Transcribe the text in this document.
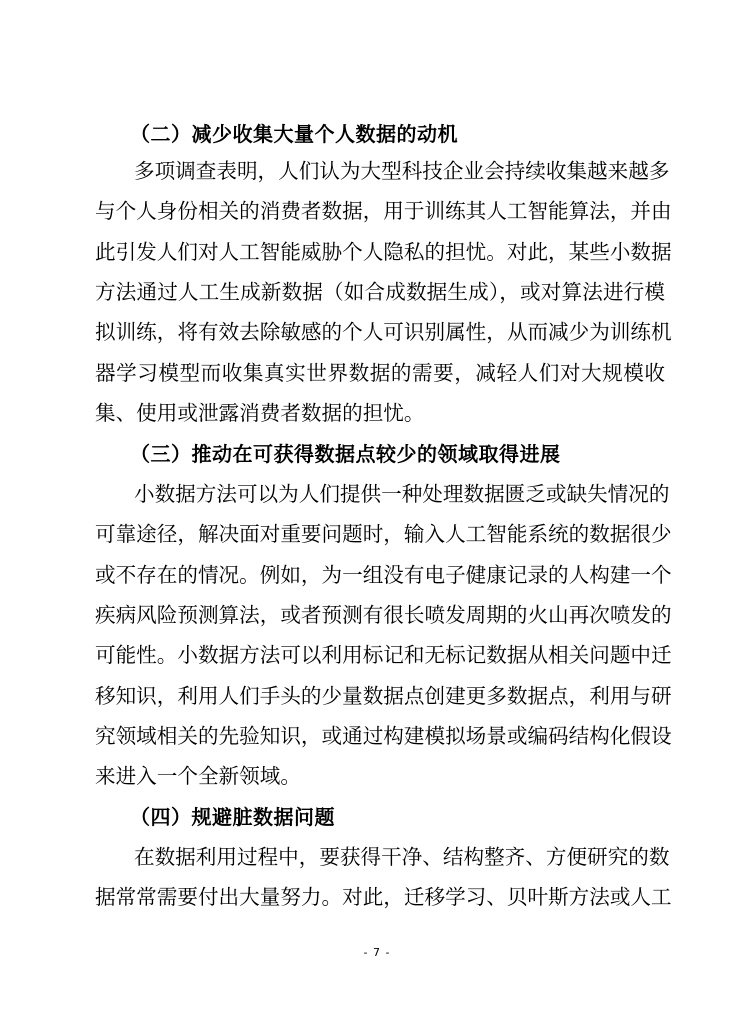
（二）减少收集大量个人数据的动机
多项调查表明，人们认为大型科技企业会持续收集越来越多
与个人身份相关的消费者数据，用于训练其人工智能算法，并由
此引发人们对人工智能威胁个人隐私的担忧。对此，某些小数据
方法通过人工生成新数据（如合成数据生成），或对算法进行模
拟训练，将有效去除敏感的个人可识别属性，从而减少为训练机
器学习模型而收集真实世界数据的需要，减轻人们对大规模收
集、使用或泄露消费者数据的担忧。
（三）推动在可获得数据点较少的领域取得进展
小数据方法可以为人们提供一种处理数据匮乏或缺失情况的
可靠途径，解决面对重要问题时，输入人工智能系统的数据很少
或不存在的情况。例如，为一组没有电子健康记录的人构建一个
疾病风险预测算法，或者预测有很长喷发周期的火山再次喷发的
可能性。小数据方法可以利用标记和无标记数据从相关问题中迁
移知识，利用人们手头的少量数据点创建更多数据点，利用与研
究领域相关的先验知识，或通过构建模拟场景或编码结构化假设
来进入一个全新领域。
（四）规避脏数据问题
在数据利用过程中，要获得干净、结构整齐、方便研究的数
据常常需要付出大量努力。对此，迁移学习、贝叶斯方法或人工
- 7 -
